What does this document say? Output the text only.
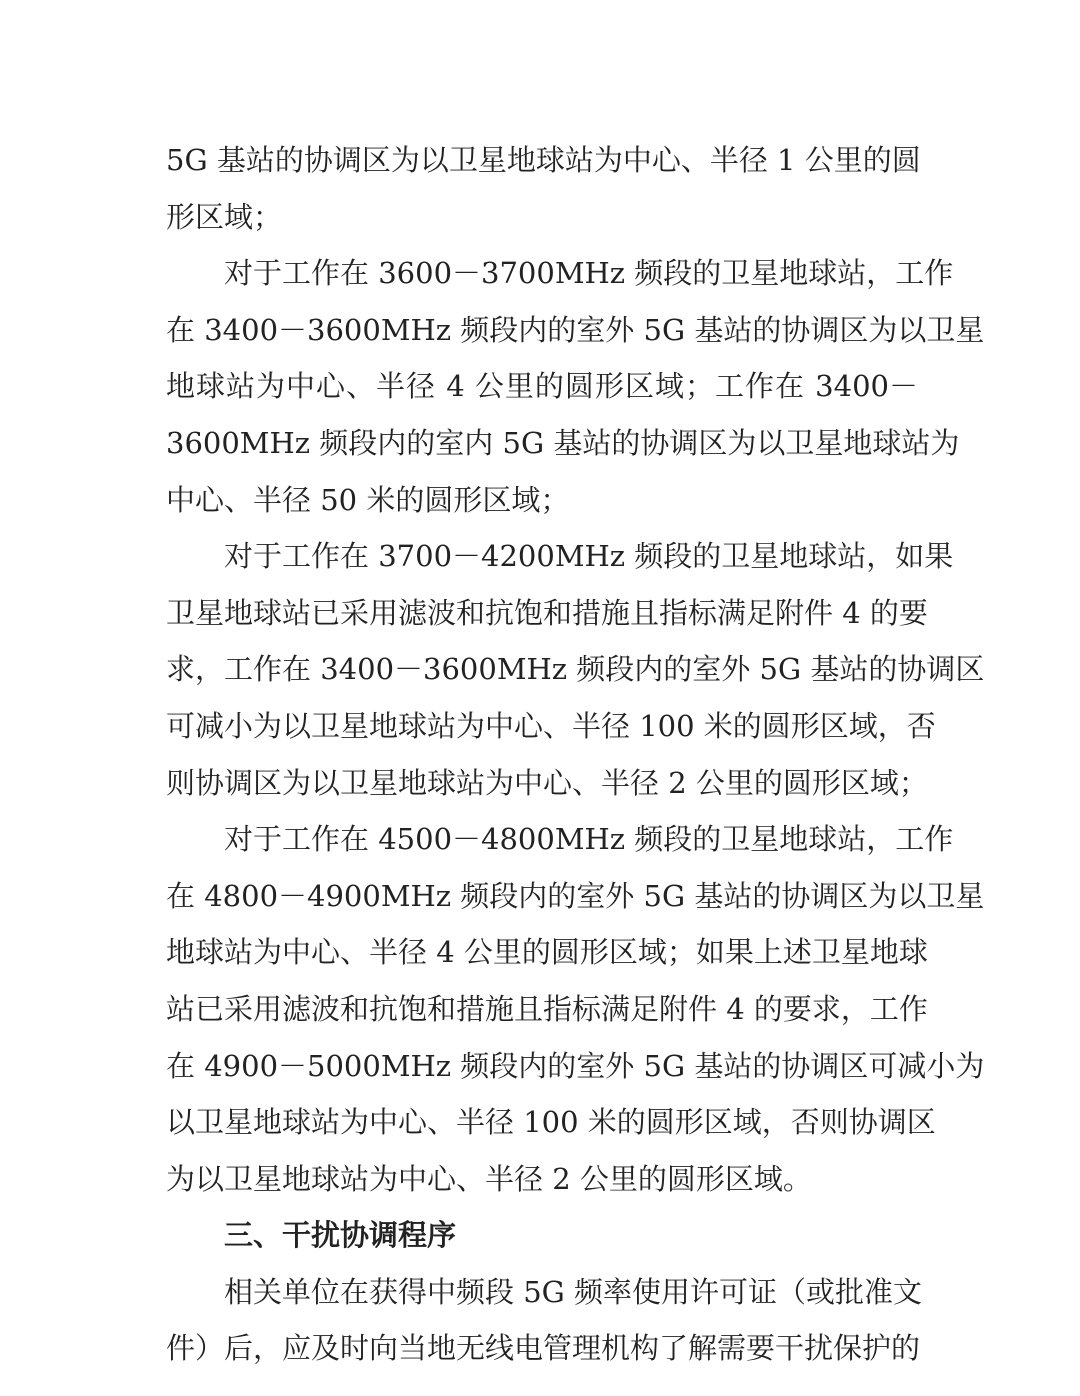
5G 基站的协调区为以卫星地球站为中心、半径 1 公里的圆
形区域；
对于工作在 3600－3700MHz 频段的卫星地球站，工作
在 3400－3600MHz 频段内的室外 5G 基站的协调区为以卫星
地球站为中心、半径 4 公里的圆形区域；工作在 3400－
3600MHz 频段内的室内 5G 基站的协调区为以卫星地球站为
中心、半径 50 米的圆形区域；
对于工作在 3700－4200MHz 频段的卫星地球站，如果
卫星地球站已采用滤波和抗饱和措施且指标满足附件 4 的要
求，工作在 3400－3600MHz 频段内的室外 5G 基站的协调区
可减小为以卫星地球站为中心、半径 100 米的圆形区域，否
则协调区为以卫星地球站为中心、半径 2 公里的圆形区域；
对于工作在 4500－4800MHz 频段的卫星地球站，工作
在 4800－4900MHz 频段内的室外 5G 基站的协调区为以卫星
地球站为中心、半径 4 公里的圆形区域；如果上述卫星地球
站已采用滤波和抗饱和措施且指标满足附件 4 的要求，工作
在 4900－5000MHz 频段内的室外 5G 基站的协调区可减小为
以卫星地球站为中心、半径 100 米的圆形区域，否则协调区
为以卫星地球站为中心、半径 2 公里的圆形区域。
三、干扰协调程序
相关单位在获得中频段 5G 频率使用许可证（或批准文
件）后，应及时向当地无线电管理机构了解需要干扰保护的
